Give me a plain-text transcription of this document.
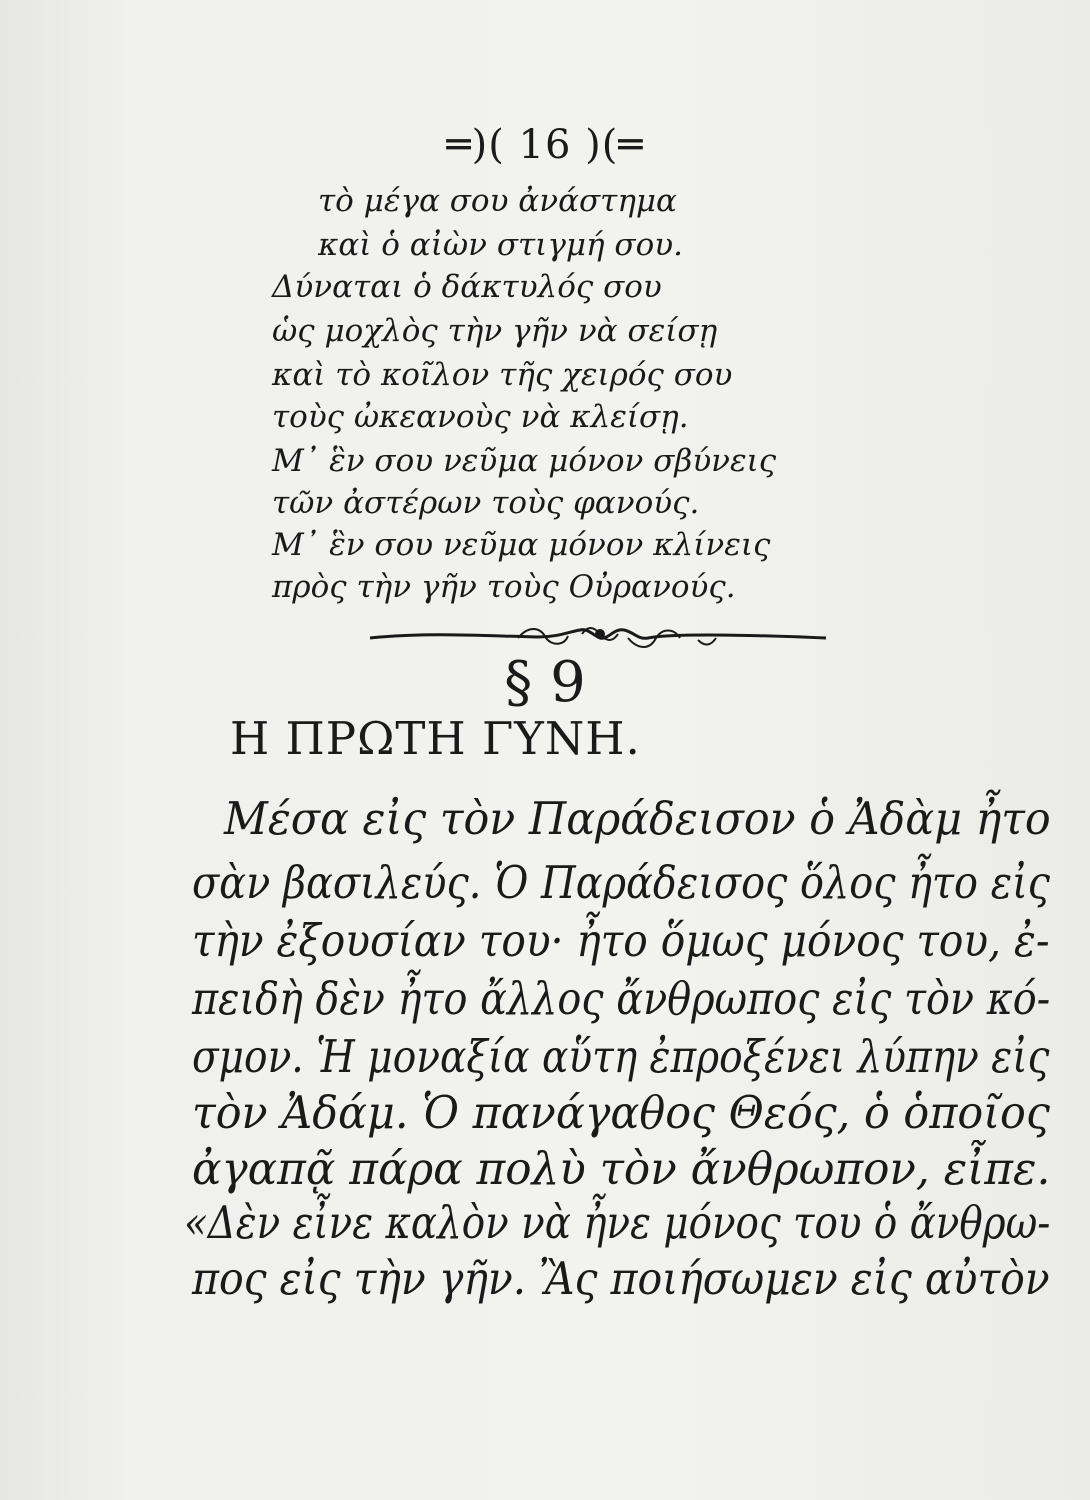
═)( 16 )(═
τὸ μέγα σου ἀνάστημα
καὶ ὁ αἰὼν στιγμή σου.
Δύναται ὁ δάκτυλός σου
ὡς μοχλὸς τὴν γῆν νὰ σείσῃ
καὶ τὸ κοῖλον τῆς χειρός σου
τοὺς ὠκεανοὺς νὰ κλείσῃ.
Μ᾽ ἓν σου νεῦμα μόνον σβύνεις
τῶν ἀστέρων τοὺς φανούς.
Μ᾽ ἓν σου νεῦμα μόνον κλίνεις
πρὸς τὴν γῆν τοὺς Οὐρανούς.
§ 9
Η ΠΡΩΤΗ ΓΥΝΗ.
Μέσα εἰς τὸν Παράδεισον ὁ Ἀδὰμ ἦτο
σὰν βασιλεύς. Ὁ Παράδεισος ὅλος ἦτο εἰς
τὴν ἐξουσίαν του· ἦτο ὅμως μόνος του, ἐ-
πειδὴ δὲν ἦτο ἄλλος ἄνθρωπος εἰς τὸν κό-
σμον. Ἡ μοναξία αὕτη ἐπροξένει λύπην εἰς
τὸν Ἀδάμ. Ὁ πανάγαθος Θεός, ὁ ὁποῖος
ἀγαπᾷ πάρα πολὺ τὸν ἄνθρωπον, εἶπε.
«Δὲν εἶνε καλὸν νὰ ἦνε μόνος του ὁ ἄνθρω-
πος εἰς τὴν γῆν. Ἂς ποιήσωμεν εἰς αὐτὸν
